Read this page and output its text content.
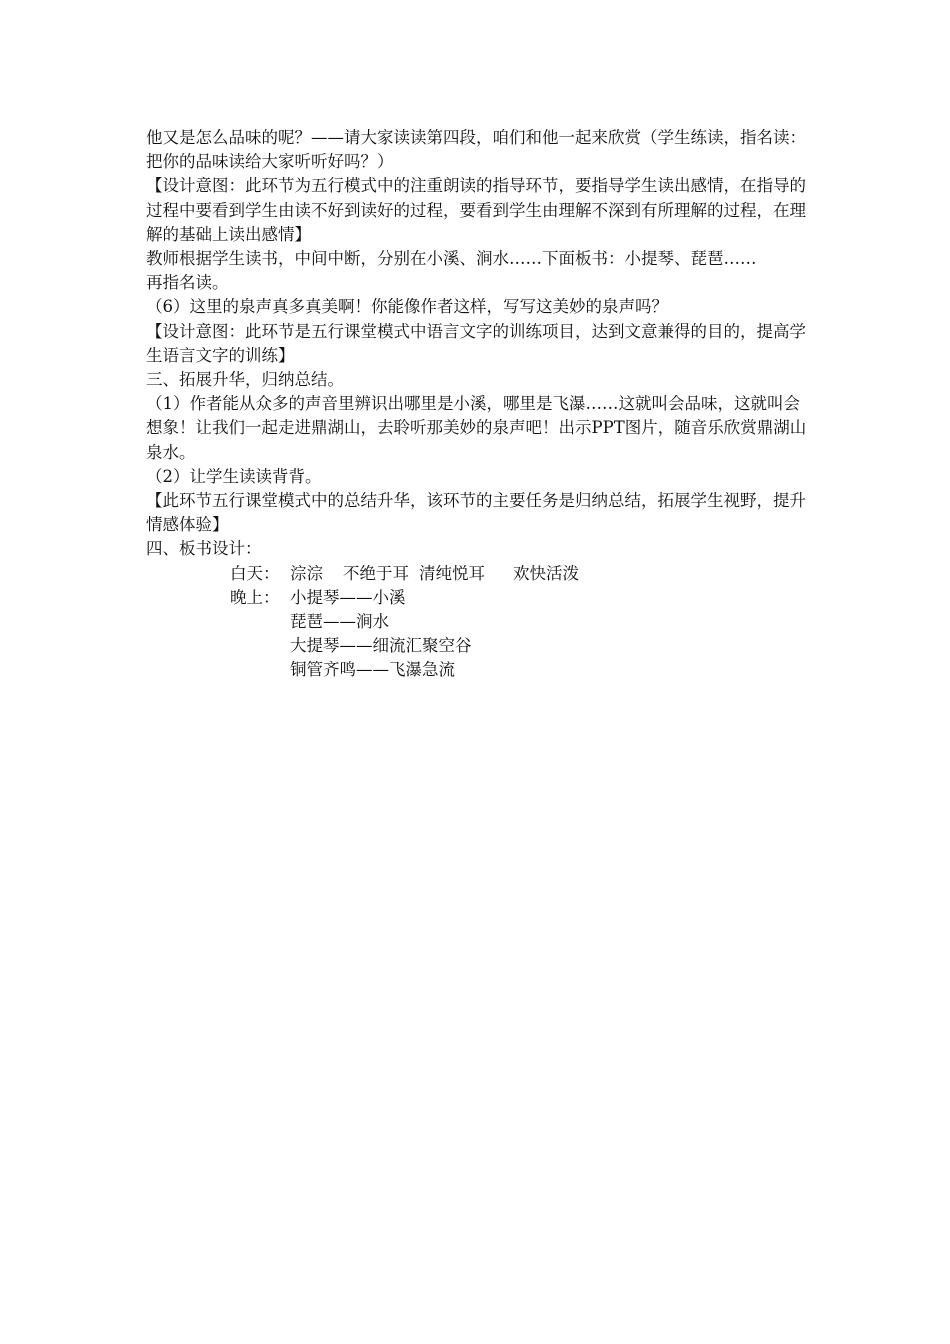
他又是怎么品味的呢？——请大家读读第四段，咱们和他一起来欣赏（学生练读，指名读：把你的品味读给大家听听好吗？）

【设计意图：此环节为五行模式中的注重朗读的指导环节，要指导学生读出感情，在指导的过程中要看到学生由读不好到读好的过程，要看到学生由理解不深到有所理解的过程，在理解的基础上读出感情】

教师根据学生读书，中间中断，分别在小溪、涧水……下面板书：小提琴、琵琶……

再指名读。

（6）这里的泉声真多真美啊！你能像作者这样，写写这美妙的泉声吗？

【设计意图：此环节是五行课堂模式中语言文字的训练项目，达到文意兼得的目的，提高学生语言文字的训练】

三、拓展升华，归纳总结。

（1）作者能从众多的声音里辨识出哪里是小溪，哪里是飞瀑……这就叫会品味，这就叫会想象！让我们一起走进鼎湖山，去聆听那美妙的泉声吧！出示PPT图片，随音乐欣赏鼎湖山泉水。

（2）让学生读读背背。

【此环节五行课堂模式中的总结升华，该环节的主要任务是归纳总结，拓展学生视野，提升情感体验】

四、板书设计：

白天： 淙淙 不绝于耳 清纯悦耳 欢快活泼
晚上： 小提琴——小溪
琵琶——涧水
大提琴——细流汇聚空谷
铜管齐鸣——飞瀑急流
